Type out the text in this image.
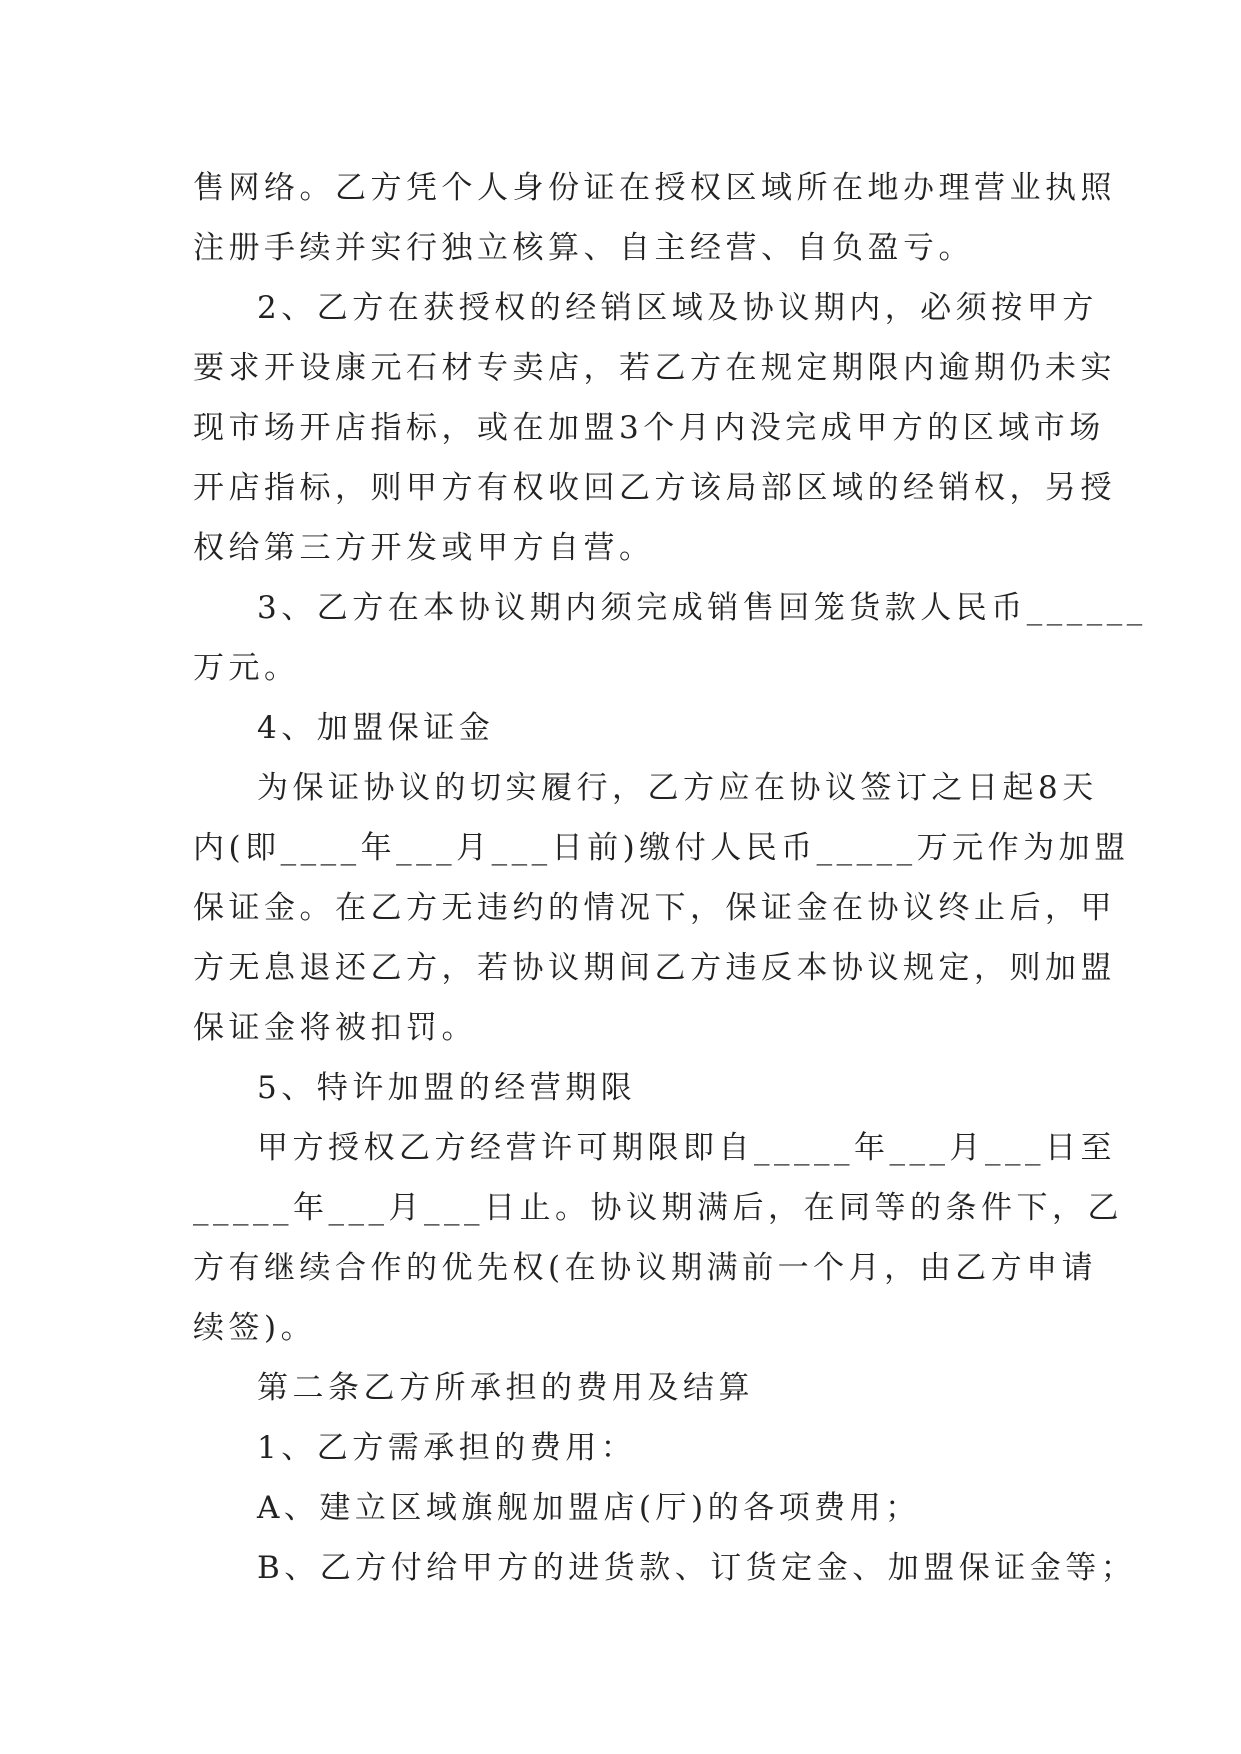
售网络。乙方凭个人身份证在授权区域所在地办理营业执照
注册手续并实行独立核算、自主经营、自负盈亏。
2、乙方在获授权的经销区域及协议期内，必须按甲方
要求开设康元石材专卖店，若乙方在规定期限内逾期仍未实
现市场开店指标，或在加盟3个月内没完成甲方的区域市场
开店指标，则甲方有权收回乙方该局部区域的经销权，另授
权给第三方开发或甲方自营。
3、乙方在本协议期内须完成销售回笼货款人民币______
万元。
4、加盟保证金
为保证协议的切实履行，乙方应在协议签订之日起8天
内(即____年___月___日前)缴付人民币_____万元作为加盟
保证金。在乙方无违约的情况下，保证金在协议终止后，甲
方无息退还乙方，若协议期间乙方违反本协议规定，则加盟
保证金将被扣罚。
5、特许加盟的经营期限
甲方授权乙方经营许可期限即自_____年___月___日至
_____年___月___日止。协议期满后，在同等的条件下，乙
方有继续合作的优先权(在协议期满前一个月，由乙方申请
续签)。
第二条乙方所承担的费用及结算
1、乙方需承担的费用：
A、建立区域旗舰加盟店(厅)的各项费用；
B、乙方付给甲方的进货款、订货定金、加盟保证金等；
